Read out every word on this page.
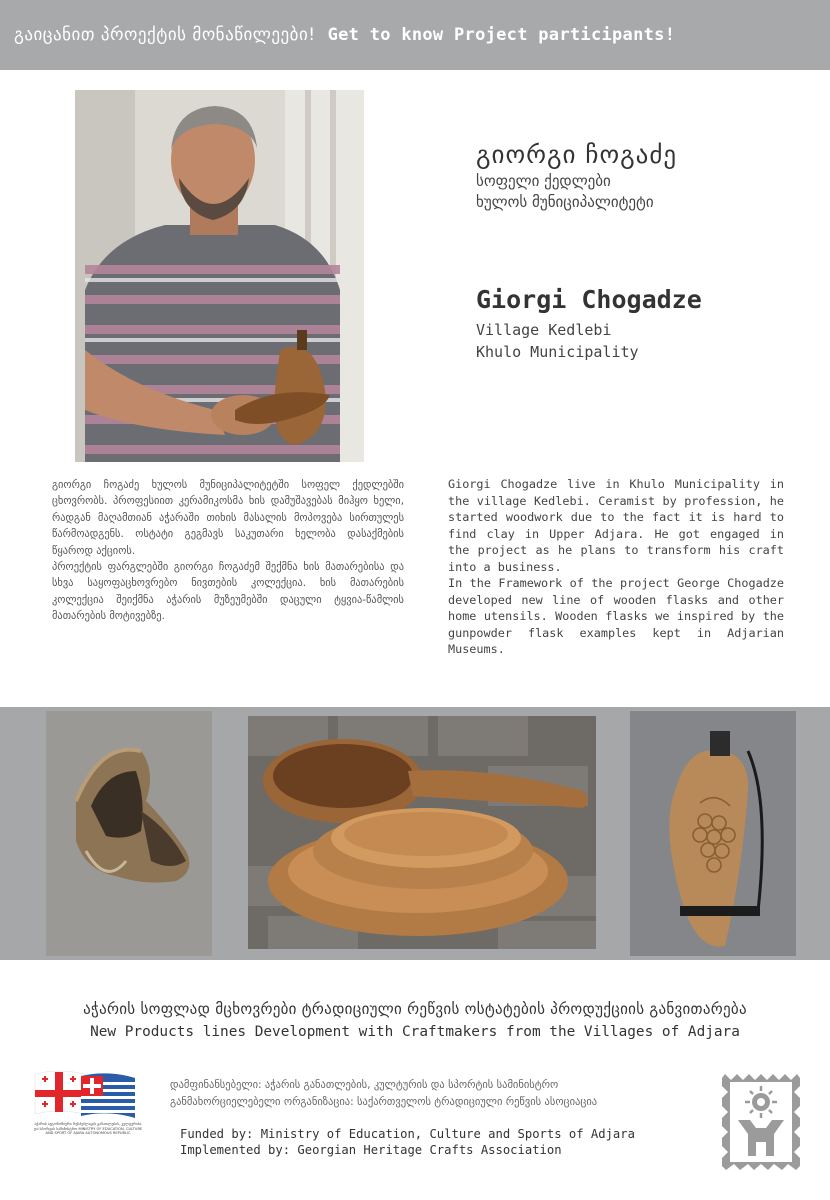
გაიცანით პროექტის მონაწილეები! Get to know Project participants!
გიორგი ჩოგაძე
სოფელი ქედლები
ხულოს მუნიციპალიტეტი
Giorgi Chogadze
Village Kedlebi
Khulo Municipality

გიორგი ჩოგაძე ხულოს მუნიციპალიტეტში სოფელ ქედლებში ცხოვრობს. პროფესიით კერამიკოსმა ხის დამუშავებას მიჰყო ხელი, რადგან მაღამთიან აჭარაში თიხის მასალის მოპოვება სირთულეს წარმოადგენს. ოსტატი გეგმავს საკუთარი ხელობა დასაქმების წყაროდ აქციოს.

პროექტის ფარგლებში გიორგი ჩოგაძემ შექმნა ხის მათარებისა და სხვა საყოფაცხოვრებო ნივთების კოლექცია. ხის მათარების კოლექცია შეიქმნა აჭარის მუზეუმებში დაცული ტყვია-წამლის მათარების მოტივებზე.

Giorgi Chogadze live in Khulo Municipality in the village Kedlebi. Ceramist by profession, he started woodwork due to the fact it is hard to find clay in Upper Adjara. He got engaged in the project as he plans to transform his craft into a business.

In the Framework of the project George Chogadze developed new line of wooden flasks and other home utensils. Wooden flasks we inspired by the gunpowder flask examples kept in Adjarian Museums.

აჭარის სოფლად მცხოვრები ტრადიციული რეწვის ოსტატების პროდუქციის განვითარება
New Products lines Development with Craftmakers from the Villages of Adjara
აჭარის ავტონომიური რესპუბლიკის განათლების, კულტურისა და სპორტის სამინისტრო MINISTRY OF EDUCATION, CULTURE AND SPORT OF AJARA AUTONOMOUS REPUBLIC
დამფინანსებელი: აჭარის განათლების, კულტურის და სპორტის სამინისტრო
განმახორციელებელი ორგანიზაცია: საქართველოს ტრადიციული რეწვის ასოციაცია
Funded by: Ministry of Education, Culture and Sports of Adjara
Implemented by: Georgian Heritage Crafts Association
